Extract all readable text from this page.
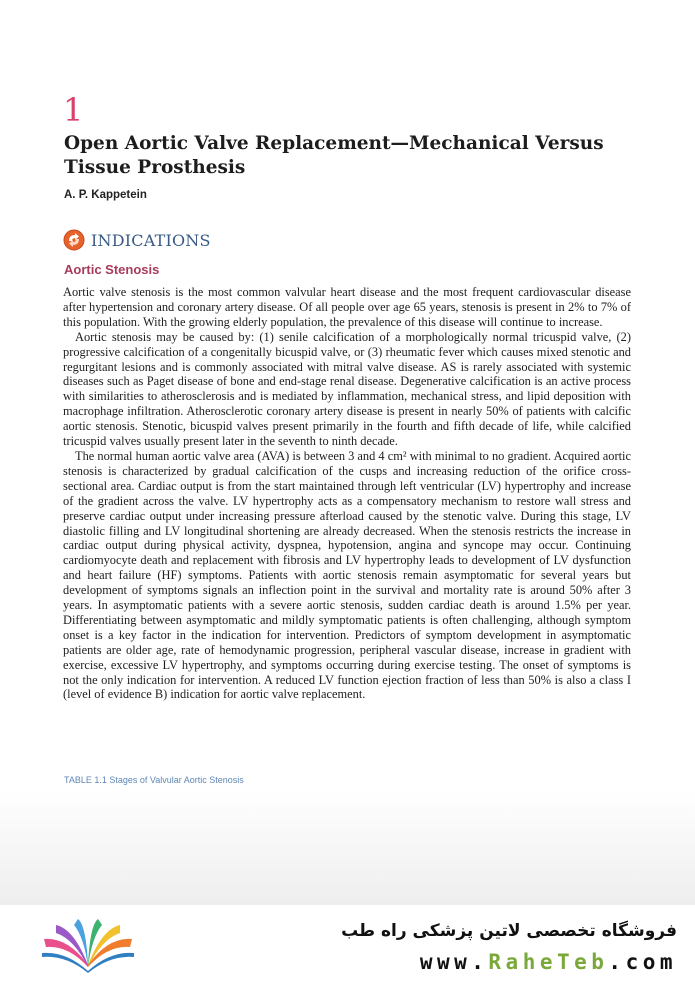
1
Open Aortic Valve Replacement—Mechanical Versus Tissue Prosthesis
A. P. Kappetein
INDICATIONS
Aortic Stenosis

Aortic valve stenosis is the most common valvular heart disease and the most frequent cardiovascular disease after hypertension and coronary artery disease. Of all people over age 65 years, stenosis is present in 2% to 7% of this population. With the growing elderly population, the prevalence of this disease will continue to increase.

Aortic stenosis may be caused by: (1) senile calcification of a morphologically normal tricuspid valve, (2) progressive calcification of a congenitally bicuspid valve, or (3) rheumatic fever which causes mixed stenotic and regurgitant lesions and is commonly associated with mitral valve disease. AS is rarely associated with systemic diseases such as Paget disease of bone and end-stage renal disease. Degenerative calcification is an active process with similarities to atherosclerosis and is mediated by inflammation, mechanical stress, and lipid deposition with macrophage infiltration. Atherosclerotic coronary artery disease is present in nearly 50% of patients with calcific aortic stenosis. Stenotic, bicuspid valves present primarily in the fourth and fifth decade of life, while calcified tricuspid valves usually present later in the seventh to ninth decade.

The normal human aortic valve area (AVA) is between 3 and 4 cm² with minimal to no gradient. Acquired aortic stenosis is characterized by gradual calcification of the cusps and increasing reduction of the orifice cross-sectional area. Cardiac output is from the start maintained through left ventricular (LV) hypertrophy and increase of the gradient across the valve. LV hypertrophy acts as a compensatory mechanism to restore wall stress and preserve cardiac output under increasing pressure afterload caused by the stenotic valve. During this stage, LV diastolic filling and LV longitudinal shortening are already decreased. When the stenosis restricts the increase in cardiac output during physical activity, dyspnea, hypotension, angina and syncope may occur. Continuing cardiomyocyte death and replacement with fibrosis and LV hypertrophy leads to development of LV dysfunction and heart failure (HF) symptoms. Patients with aortic stenosis remain asymptomatic for several years but development of symptoms signals an inflection point in the survival and mortality rate is around 50% after 3 years. In asymptomatic patients with a severe aortic stenosis, sudden cardiac death is around 1.5% per year. Differentiating between asymptomatic and mildly symptomatic patients is often challenging, although symptom onset is a key factor in the indication for intervention. Predictors of symptom development in asymptomatic patients are older age, rate of hemodynamic progression, peripheral vascular disease, increase in gradient with exercise, excessive LV hypertrophy, and symptoms occurring during exercise testing. The onset of symptoms is not the only indication for intervention. A reduced LV function ejection fraction of less than 50% is also a class I (level of evidence B) indication for aortic valve replacement.

TABLE 1.1 Stages of Valvular Aortic Stenosis
فروشگاه تخصصی لاتین پزشکی راه طب
www.RaheTeb.com
